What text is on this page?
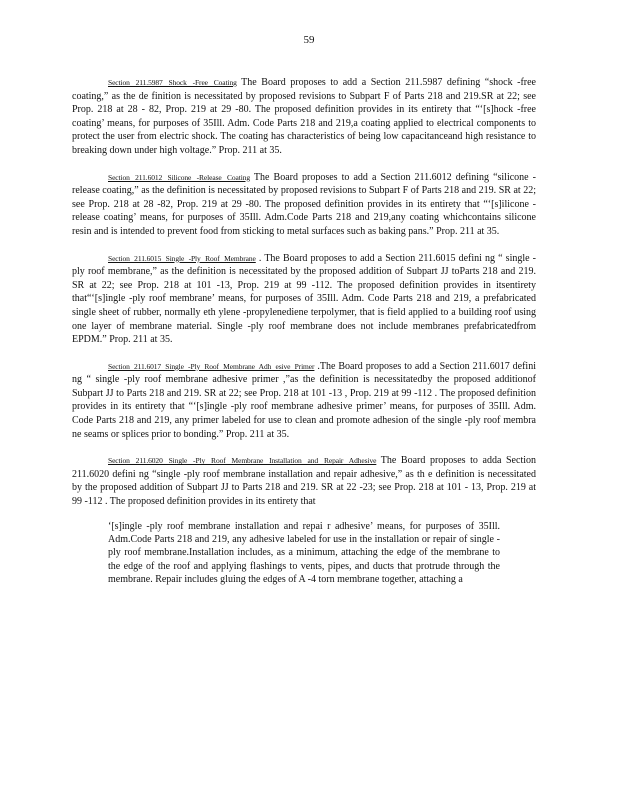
59

Section 211.5987 Shock -Free Coating The Board proposes to add a Section 211.5987 defining “shock -free coating,” as the de finition is necessitated by proposed revisions to Subpart F of Parts 218 and 219.SR at 22; see Prop. 218 at 28 - 82, Prop. 219 at 29 -80. The proposed definition provides in its entirety that “‘[s]hock -free coating’ means, for purposes of 35Ill. Adm. Code Parts 218 and 219,a coating applied to electrical components to protect the user from electric shock. The coating has characteristics of being low capacitanceand high resistance to breaking down under high voltage.” Prop. 211 at 35.

Section 211.6012 Silicone -Release Coating The Board proposes to add a Section 211.6012 defining “silicone -release coating,” as the definition is necessitated by proposed revisions to Subpart F of Parts 218 and 219. SR at 22; see Prop. 218 at 28 -82, Prop. 219 at 29 -80. The proposed definition provides in its entirety that “‘[s]ilicone -release coating’ means, for purposes of 35Ill. Adm.Code Parts 218 and 219,any coating whichcontains silicone resin and is intended to prevent food from sticking to metal surfaces such as baking pans.” Prop. 211 at 35.

Section 211.6015 Single -Ply Roof Membrane . The Board proposes to add a Section 211.6015 defini ng “ single -ply roof membrane,” as the definition is necessitated by the proposed addition of Subpart JJ toParts 218 and 219. SR at 22; see Prop. 218 at 101 -13, Prop. 219 at 99 -112. The proposed definition provides in itsentirety that“‘[s]ingle -ply roof membrane’ means, for purposes of 35Ill. Adm. Code Parts 218 and 219, a prefabricated single sheet of rubber, normally eth ylene -propylenediene terpolymer, that is field applied to a building roof using one layer of membrane material. Single -ply roof membrane does not include membranes prefabricatedfrom EPDM.” Prop. 211 at 35.

Section 211.6017 Single -Ply Roof Membrane Adh esive Primer .The Board proposes to add a Section 211.6017 defini ng “ single -ply roof membrane adhesive primer ,”as the definition is necessitatedby the proposed additionof Subpart JJ to Parts 218 and 219. SR at 22; see Prop. 218 at 101 -13 , Prop. 219 at 99 -112 . The proposed definition provides in its entirety that “‘[s]ingle -ply roof membrane adhesive primer’ means, for purposes of 35Ill. Adm. Code Parts 218 and 219, any primer labeled for use to clean and promote adhesion of the single -ply roof membra ne seams or splices prior to bonding.” Prop. 211 at 35.

Section 211.6020 Single -Ply Roof Membrane Installation and Repair Adhesive The Board proposes to adda Section 211.6020 defini ng “single -ply roof membrane installation and repair adhesive,” as th e definition is necessitated by the proposed addition of Subpart JJ to Parts 218 and 219. SR at 22 -23; see Prop. 218 at 101 - 13, Prop. 219 at 99 -112 . The proposed definition provides in its entirety that

‘[s]ingle -ply roof membrane installation and repai r adhesive’ means, for purposes of 35Ill. Adm.Code Parts 218 and 219, any adhesive labeled for use in the installation or repair of single -ply roof membrane.Installation includes, as a minimum, attaching the edge of the membrane to the edge of the roof and applying flashings to vents, pipes, and ducts that protrude through the membrane. Repair includes gluing the edges of A -4 torn membrane together, attaching a
